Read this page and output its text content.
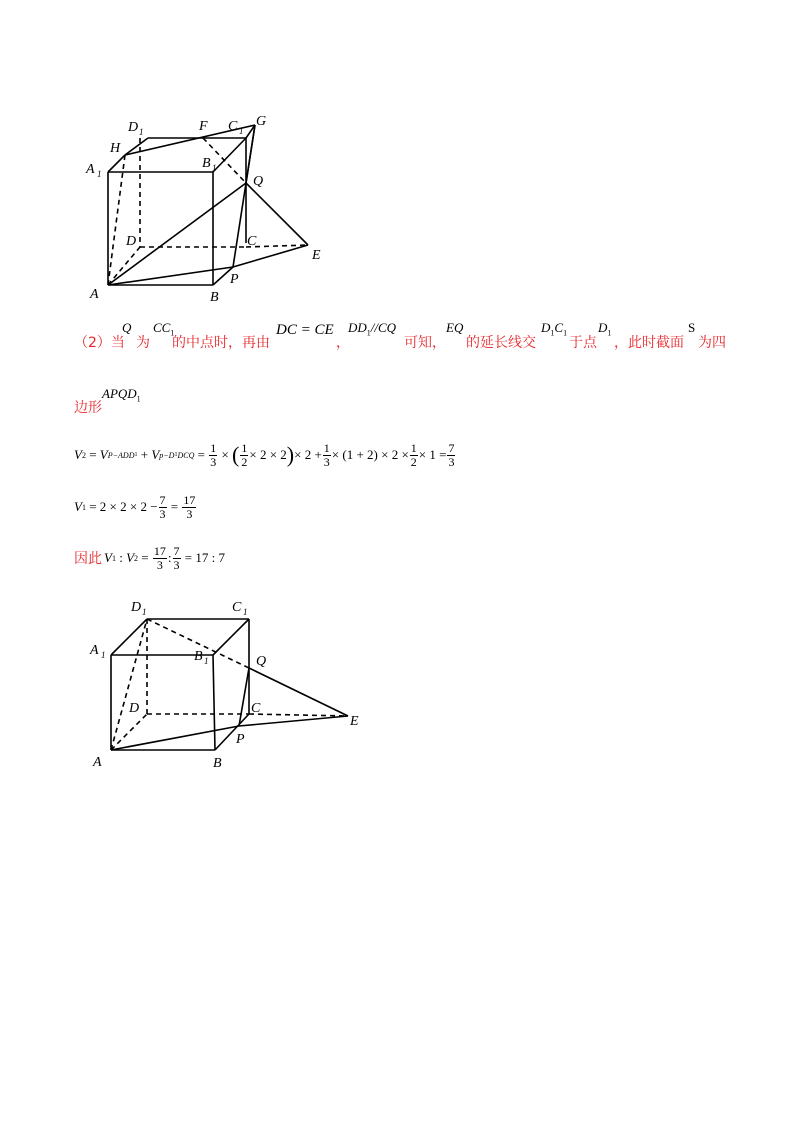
D 1	F C 1
G
H
A 1
B 1
Q
D	C
E
P
A	B
（2）当
Q
为
$CC_1$
的中点时，再由
DC = CE
，
$DD_1//CQ$
可知，
EQ
的延长线交
$D_1C_1$
于点
$D_1$
，此时截面
S
为四
边形
$APQD_1$
V 2 = V P−ADD 1 + V p−D 1 DCQ = $\frac{1}{3}$ × ( $\frac{1}{2} \times 2 \times 2$ ) × $2 + \frac{1}{3} \times (1 + 2) \times 2 \times \frac{1}{2} \times 1 = \frac{7}{3}$
V 1
= $2 \times 2 \times 2 - \frac{7}{3} = \frac{17}{3}$
因此 V 1
:
V $2 = \frac{17}{3}$ : $\frac{7}{3}$
= 17 : 7
D 1	C 1
A 1	B 1	Q
D	C
E
P
A	B
